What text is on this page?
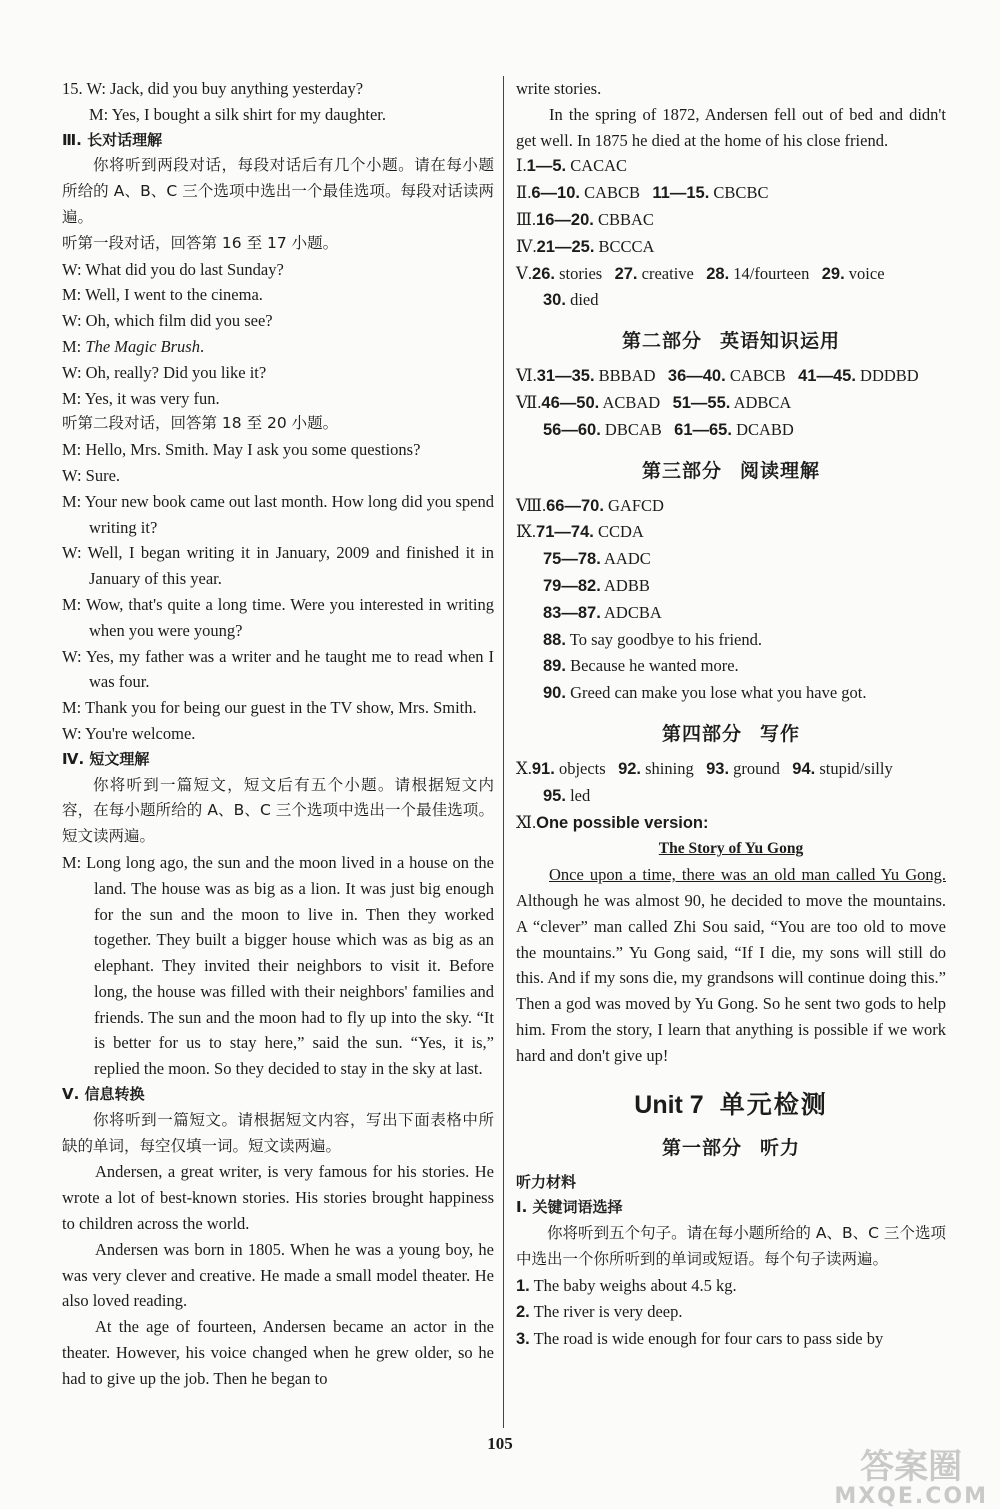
15. W: Jack, did you buy anything yesterday?
M: Yes, I bought a silk shirt for my daughter.
Ⅲ. 长对话理解
你将听到两段对话，每段对话后有几个小题。请在每小题所给的 A、B、C 三个选项中选出一个最佳选项。每段对话读两遍。
听第一段对话，回答第 16 至 17 小题。
W: What did you do last Sunday?
M: Well, I went to the cinema.
W: Oh, which film did you see?
M: The Magic Brush.
W: Oh, really? Did you like it?
M: Yes, it was very fun.
听第二段对话，回答第 18 至 20 小题。
M: Hello, Mrs. Smith. May I ask you some questions?
W: Sure.
M: Your new book came out last month. How long did you spend writing it?
W: Well, I began writing it in January, 2009 and finished it in January of this year.
M: Wow, that's quite a long time. Were you interested in writing when you were young?
W: Yes, my father was a writer and he taught me to read when I was four.
M: Thank you for being our guest in the TV show, Mrs. Smith.
W: You're welcome.
Ⅳ. 短文理解
你将听到一篇短文，短文后有五个小题。请根据短文内容，在每小题所给的 A、B、C 三个选项中选出一个最佳选项。短文读两遍。
M: Long long ago, the sun and the moon lived in a house on the land. The house was as big as a lion. It was just big enough for the sun and the moon to live in. Then they worked together. They built a bigger house which was as big as an elephant. They invited their neighbors to visit it. Before long, the house was filled with their neighbors' families and friends. The sun and the moon had to fly up into the sky. “It is better for us to stay here,” said the sun. “Yes, it is,” replied the moon. So they decided to stay in the sky at last.
Ⅴ. 信息转换
你将听到一篇短文。请根据短文内容，写出下面表格中所缺的单词，每空仅填一词。短文读两遍。
Andersen, a great writer, is very famous for his stories. He wrote a lot of best-known stories. His stories brought happiness to children across the world.
Andersen was born in 1805. When he was a young boy, he was very clever and creative. He made a small model theater. He also loved reading.
At the age of fourteen, Andersen became an actor in the theater. However, his voice changed when he grew older, so he had to give up the job. Then he began to
write stories.
In the spring of 1872, Andersen fell out of bed and didn't get well. In 1875 he died at the home of his close friend.
Ⅰ.1—5. CACAC
Ⅱ.6—10. CABCB 11—15. CBCBC
Ⅲ.16—20. CBBAC
Ⅳ.21—25. BCCCA
Ⅴ.26. stories 27. creative 28. 14/fourteen 29. voice
30. died
第二部分 英语知识运用
Ⅵ.31—35. BBBAD 36—40. CABCB 41—45. DDDBD
Ⅶ.46—50. ACBAD 51—55. ADBCA
56—60. DBCAB 61—65. DCABD
第三部分 阅读理解
Ⅷ.66—70. GAFCD
Ⅸ.71—74. CCDA
75—78. AADC
79—82. ADBB
83—87. ADCBA
88. To say goodbye to his friend.
89. Because he wanted more.
90. Greed can make you lose what you have got.
第四部分 写作
Ⅹ.91. objects 92. shining 93. ground 94. stupid/silly
95. led
Ⅺ.One possible version:
The Story of Yu Gong
Once upon a time, there was an old man called Yu Gong. Although he was almost 90, he decided to move the mountains. A “clever” man called Zhi Sou said, “You are too old to move the mountains.” Yu Gong said, “If I die, my sons will still do this. And if my sons die, my grandsons will continue doing this.” Then a god was moved by Yu Gong. So he sent two gods to help him. From the story, I learn that anything is possible if we work hard and don't give up!
Unit 7 单元检测
第一部分 听力
听力材料
Ⅰ. 关键词语选择
你将听到五个句子。请在每小题所给的 A、B、C 三个选项中选出一个你所听到的单词或短语。每个句子读两遍。
1. The baby weighs about 4.5 kg.
2. The river is very deep.
3. The road is wide enough for four cars to pass side by
105
答案圈
MXQE.COM
